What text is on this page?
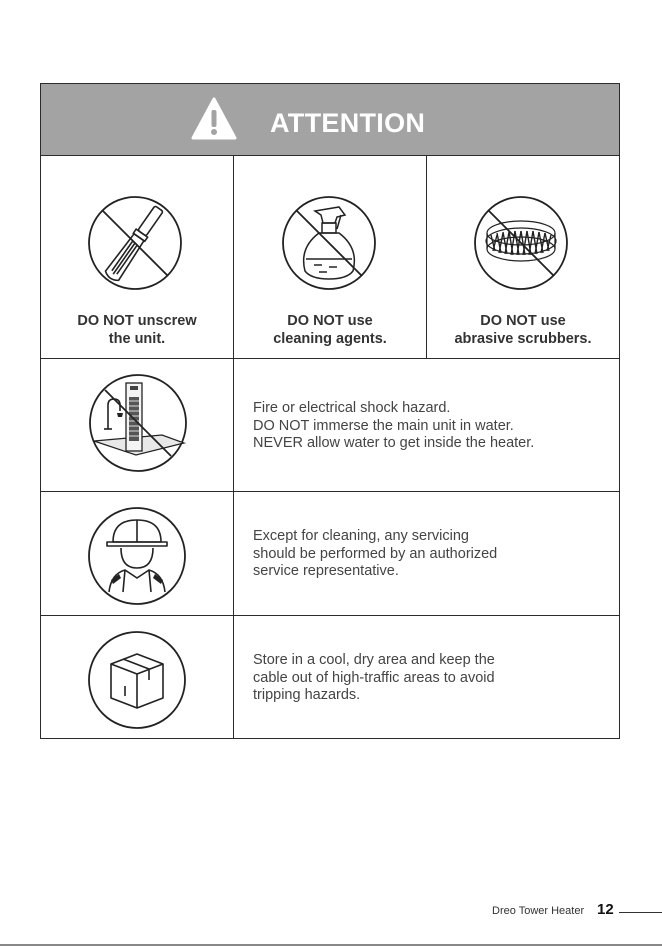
ATTENTION
DO NOT unscrew
the unit.
DO NOT use
cleaning agents.
DO NOT use
abrasive scrubbers.
Fire or electrical shock hazard.
DO NOT immerse the main unit in water.
NEVER allow water to get inside the heater.
Except for cleaning, any servicing
should be performed by an authorized
service representative.
Store in a cool, dry area and keep the
cable out of high-traffic areas to avoid
tripping hazards.
Dreo Tower Heater 12
